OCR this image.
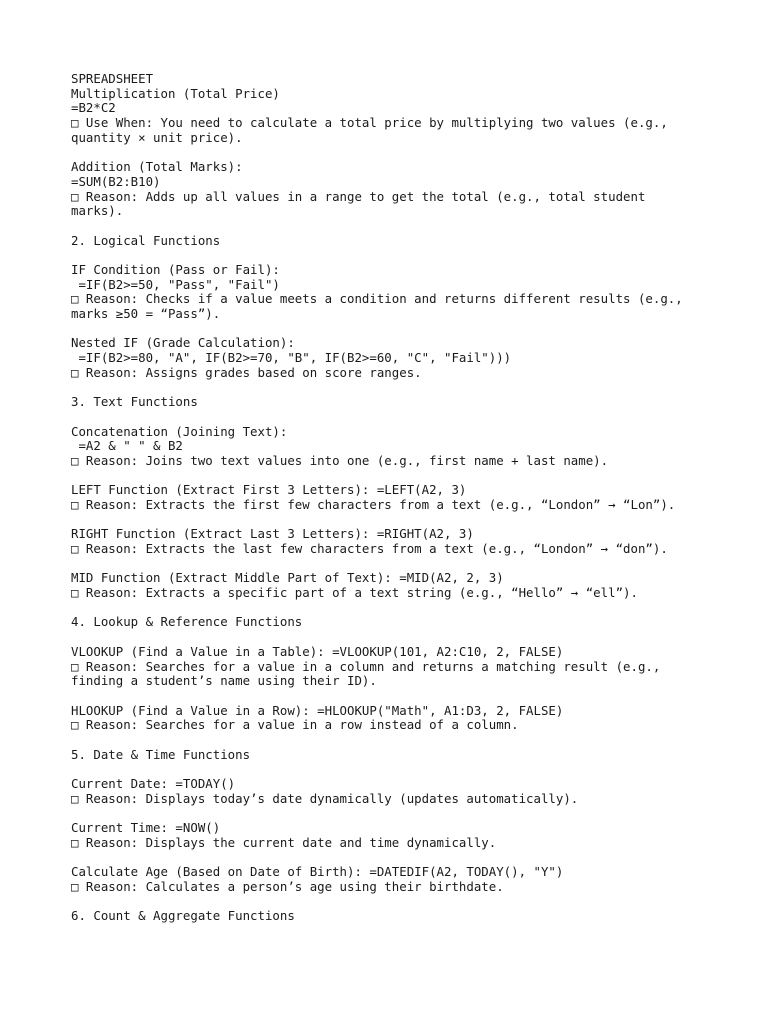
SPREADSHEET
Multiplication (Total Price)
=B2*C2
□ Use When: You need to calculate a total price by multiplying two values (e.g.,
quantity × unit price).
Addition (Total Marks):
=SUM(B2:B10)
□ Reason: Adds up all values in a range to get the total (e.g., total student
marks).
2. Logical Functions
IF Condition (Pass or Fail):
=IF(B2>=50, "Pass", "Fail")
□ Reason: Checks if a value meets a condition and returns different results (e.g.,
marks ≥50 = “Pass”).
Nested IF (Grade Calculation):
=IF(B2>=80, "A", IF(B2>=70, "B", IF(B2>=60, "C", "Fail")))
□ Reason: Assigns grades based on score ranges.
3. Text Functions
Concatenation (Joining Text):
=A2 & " " & B2
□ Reason: Joins two text values into one (e.g., first name + last name).
LEFT Function (Extract First 3 Letters): =LEFT(A2, 3)
□ Reason: Extracts the first few characters from a text (e.g., “London” → “Lon”).
RIGHT Function (Extract Last 3 Letters): =RIGHT(A2, 3)
□ Reason: Extracts the last few characters from a text (e.g., “London” → “don”).
MID Function (Extract Middle Part of Text): =MID(A2, 2, 3)
□ Reason: Extracts a specific part of a text string (e.g., “Hello” → “ell”).
4. Lookup & Reference Functions
VLOOKUP (Find a Value in a Table): =VLOOKUP(101, A2:C10, 2, FALSE)
□ Reason: Searches for a value in a column and returns a matching result (e.g.,
finding a student’s name using their ID).
HLOOKUP (Find a Value in a Row): =HLOOKUP("Math", A1:D3, 2, FALSE)
□ Reason: Searches for a value in a row instead of a column.
5. Date & Time Functions
Current Date: =TODAY()
□ Reason: Displays today’s date dynamically (updates automatically).
Current Time: =NOW()
□ Reason: Displays the current date and time dynamically.
Calculate Age (Based on Date of Birth): =DATEDIF(A2, TODAY(), "Y")
□ Reason: Calculates a person’s age using their birthdate.
6. Count & Aggregate Functions
